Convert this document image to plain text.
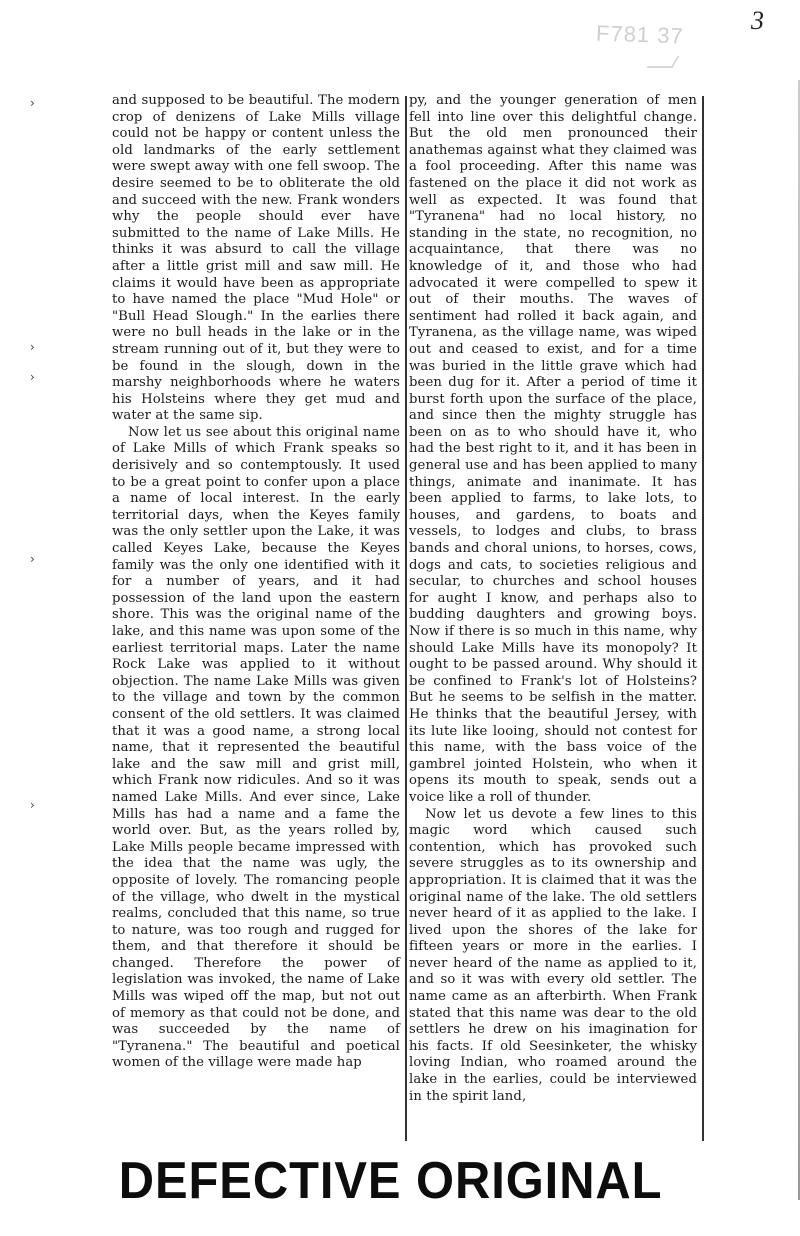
3
F781 37
›
›
›
›
›

and supposed to be beautiful. The modern crop of denizens of Lake Mills village could not be happy or content unless the old landmarks of the early settlement were swept away with one fell swoop. The desire seemed to be to obliterate the old and succeed with the new. Frank wonders why the people should ever have submitted to the name of Lake Mills. He thinks it was absurd to call the village after a little grist mill and saw mill. He claims it would have been as appropriate to have named the place "Mud Hole" or "Bull Head Slough." In the earlies there were no bull heads in the lake or in the stream running out of it, but they were to be found in the slough, down in the marshy neighborhoods where he waters his Holsteins where they get mud and water at the same sip.

Now let us see about this original name of Lake Mills of which Frank speaks so derisively and so contemptously. It used to be a great point to confer upon a place a name of local interest. In the early territorial days, when the Keyes family was the only settler upon the Lake, it was called Keyes Lake, because the Keyes family was the only one identified with it for a number of years, and it had possession of the land upon the eastern shore. This was the original name of the lake, and this name was upon some of the earliest territorial maps. Later the name Rock Lake was applied to it without objection. The name Lake Mills was given to the village and town by the common consent of the old settlers. It was claimed that it was a good name, a strong local name, that it represented the beautiful lake and the saw mill and grist mill, which Frank now ridicules. And so it was named Lake Mills. And ever since, Lake Mills has had a name and a fame the world over. But, as the years rolled by, Lake Mills people became impressed with the idea that the name was ugly, the opposite of lovely. The romancing people of the village, who dwelt in the mystical realms, concluded that this name, so true to nature, was too rough and rugged for them, and that therefore it should be changed. Therefore the power of legislation was invoked, the name of Lake Mills was wiped off the map, but not out of memory as that could not be done, and was succeeded by the name of "Tyranena." The beautiful and poetical women of the village were made hap

py, and the younger generation of men fell into line over this delightful change. But the old men pronounced their anathemas against what they claimed was a fool proceeding. After this name was fastened on the place it did not work as well as expected. It was found that "Tyranena" had no local history, no standing in the state, no recognition, no acquaintance, that there was no knowledge of it, and those who had advocated it were compelled to spew it out of their mouths. The waves of sentiment had rolled it back again, and Tyranena, as the village name, was wiped out and ceased to exist, and for a time was buried in the little grave which had been dug for it. After a period of time it burst forth upon the surface of the place, and since then the mighty struggle has been on as to who should have it, who had the best right to it, and it has been in general use and has been applied to many things, animate and inanimate. It has been applied to farms, to lake lots, to houses, and gardens, to boats and vessels, to lodges and clubs, to brass bands and choral unions, to horses, cows, dogs and cats, to societies religious and secular, to churches and school houses for aught I know, and perhaps also to budding daughters and growing boys. Now if there is so much in this name, why should Lake Mills have its monopoly? It ought to be passed around. Why should it be confined to Frank's lot of Holsteins? But he seems to be selfish in the matter. He thinks that the beautiful Jersey, with its lute like looing, should not contest for this name, with the bass voice of the gambrel jointed Holstein, who when it opens its mouth to speak, sends out a voice like a roll of thunder.

Now let us devote a few lines to this magic word which caused such contention, which has provoked such severe struggles as to its ownership and appropriation. It is claimed that it was the original name of the lake. The old settlers never heard of it as applied to the lake. I lived upon the shores of the lake for fifteen years or more in the earlies. I never heard of the name as applied to it, and so it was with every old settler. The name came as an afterbirth. When Frank stated that this name was dear to the old settlers he drew on his imagination for his facts. If old Seesinketer, the whisky loving Indian, who roamed around the lake in the earlies, could be interviewed in the spirit land,

DEFECTIVE ORIGINAL
